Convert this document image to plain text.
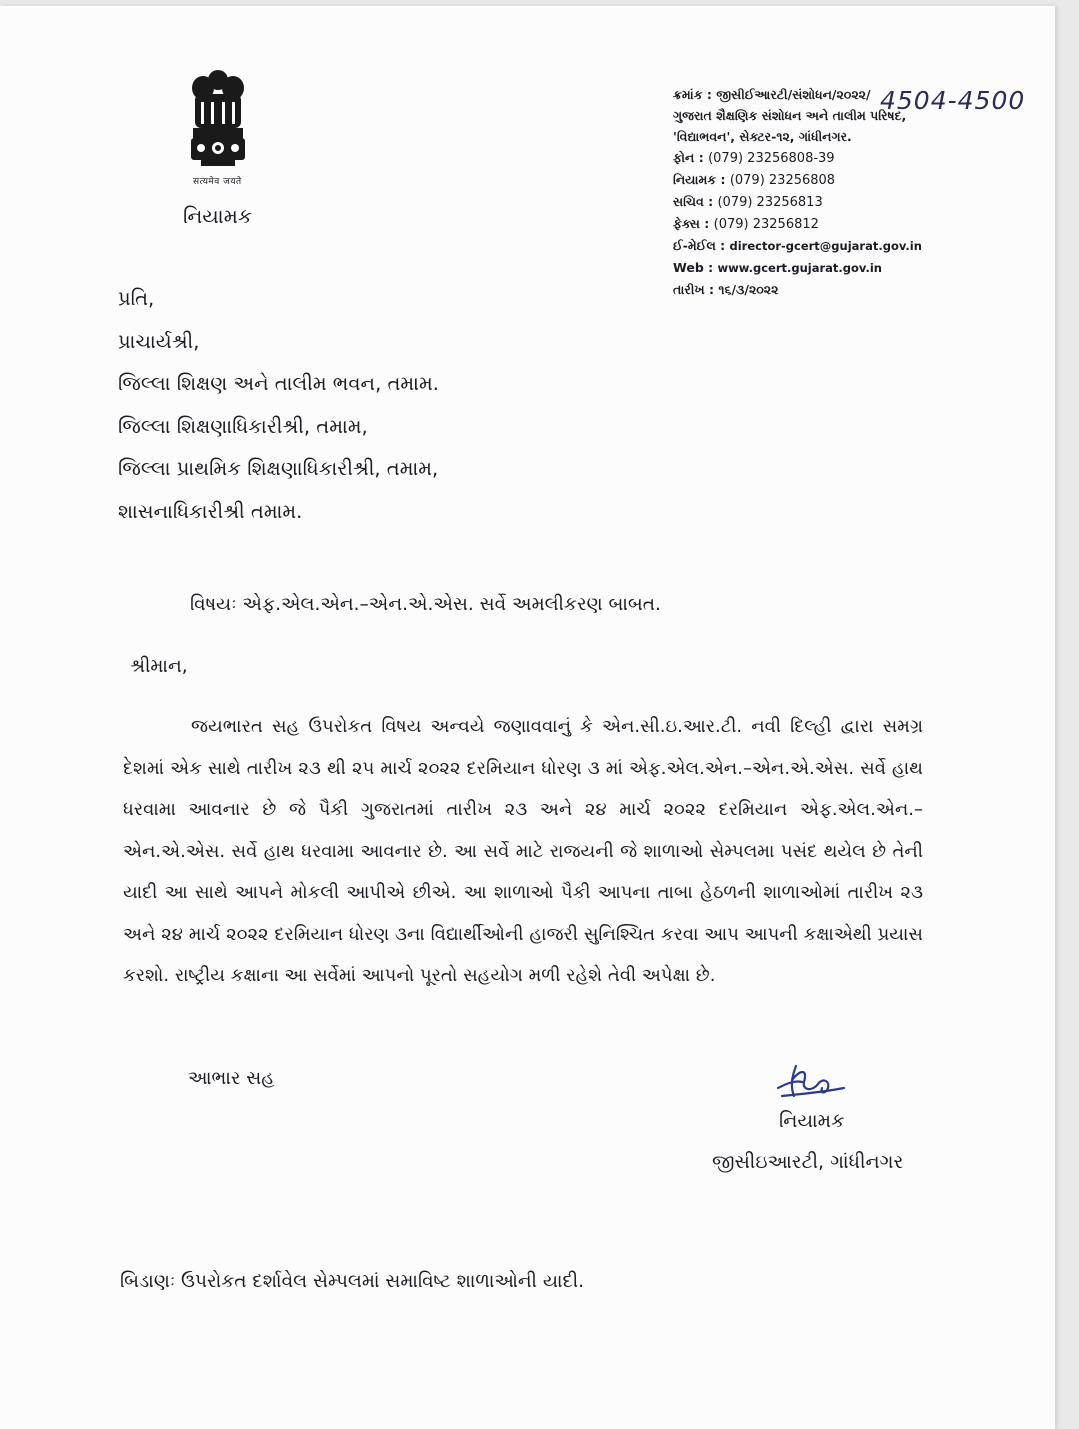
सत्यमेव जयते
નિયામક
ક્રમાંક : જીસીઈઆરટી/સંશોધન/૨૦૨૨/
ગુજરાત શૈક્ષણિક સંશોધન અને તાલીમ પરિષદ,
'વિદ્યાભવન', સેક્ટર-૧૨, ગાંધીનગર.
ફોન : (079) 23256808-39
નિયામક : (079) 23256808
સચિવ : (079) 23256813
ફેક્સ : (079) 23256812
ઈ-મેઈલ : director-gcert@gujarat.gov.in
Web : www.gcert.gujarat.gov.in
તારીખ : ૧૬/૩/૨૦૨૨
4504-4500
પ્રતિ,
પ્રાચાર્યશ્રી,
જિલ્લા શિક્ષણ અને તાલીમ ભવન, તમામ.
જિલ્લા શિક્ષણાધિકારીશ્રી, તમામ,
જિલ્લા પ્રાથમિક શિક્ષણાધિકારીશ્રી, તમામ,
શાસનાધિકારીશ્રી તમામ.
વિષયઃ એફ.એલ.એન.–એન.એ.એસ. સર્વે અમલીકરણ બાબત.
શ્રીમાન,
જયભારત સહ ઉપરોકત વિષય અન્વયે જણાવવાનું કે એન.સી.ઇ.આર.ટી. નવી દિલ્હી દ્વારા સમગ્ર દેશમાં એક સાથે તારીખ ૨૩ થી ૨૫ માર્ચ ૨૦૨૨ દરમિયાન ધોરણ ૩ માં એફ.એલ.એન.–એન.એ.એસ. સર્વે હાથ ધરવામા આવનાર છે જે પૈકી ગુજરાતમાં તારીખ ૨૩ અને ૨૪ માર્ચ ૨૦૨૨ દરમિયાન એફ.એલ.એન.–એન.એ.એસ. સર્વે હાથ ધરવામા આવનાર છે. આ સર્વે માટે રાજયની જે શાળાઓ સેમ્પલમા પસંદ થયેલ છે તેની યાદી આ સાથે આપને મોકલી આપીએ છીએ. આ શાળાઓ પૈકી આપના તાબા હેઠળની શાળાઓમાં તારીખ ૨૩ અને ૨૪ માર્ચ ૨૦૨૨ દરમિયાન ધોરણ ૩ના વિદ્યાર્થીઓની હાજરી સુનિશ્ચિત કરવા આપ આપની કક્ષાએથી પ્રયાસ કરશો. રાષ્ટ્રીય કક્ષાના આ સર્વેમાં આપનો પૂરતો સહયોગ મળી રહેશે તેવી અપેક્ષા છે.
આભાર સહ
નિયામક
જીસીઇઆરટી, ગાંધીનગર
બિડાણઃ ઉપરોકત દર્શાવેલ સેમ્પલમાં સમાવિષ્ટ શાળાઓની યાદી.
